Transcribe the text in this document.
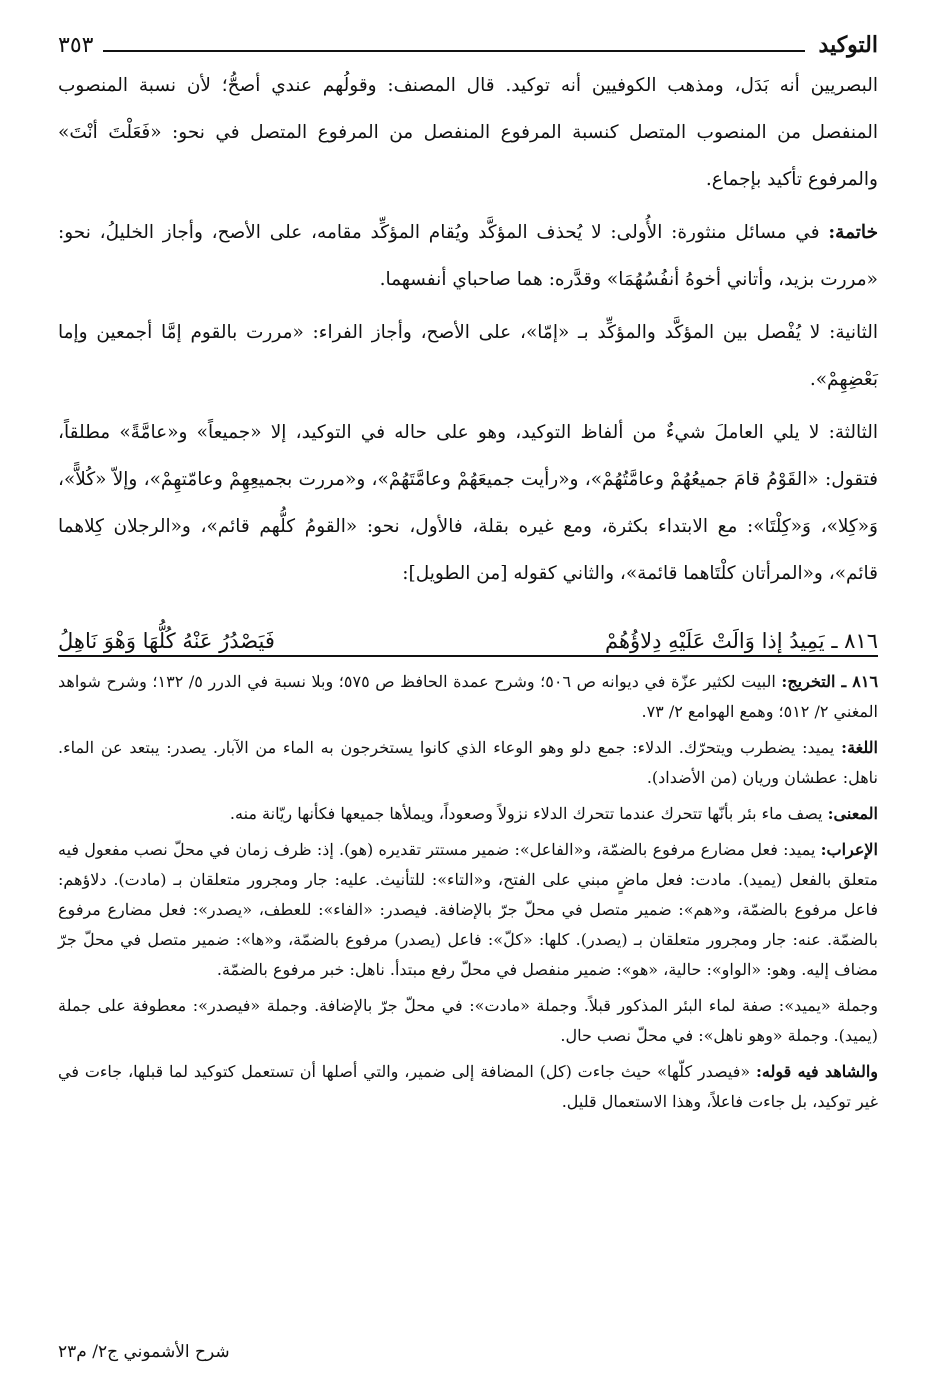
التوكيد
٣٥٣

البصريين أنه بَدَل، ومذهب الكوفيين أنه توكيد. قال المصنف: وقولُهم عندي أصحُّ؛ لأن نسبة المنصوب المنفصل من المنصوب المتصل كنسبة المرفوع المنفصل من المرفوع المتصل في نحو: «فَعَلْتَ أنْتَ» والمرفوع تأكيد بإجماع.

خاتمة: في مسائل منثورة: الأُولى: لا يُحذف المؤكَّد ويُقام المؤكِّد مقامه، على الأصح، وأجاز الخليلُ، نحو: «مررت بزيد، وأتاني أخوهُ أنفُسُهُمَا» وقدَّره: هما صاحباي أنفسهما.

الثانية: لا يُفْصل بين المؤكَّد والمؤكِّد بـ «إمّا»، على الأصح، وأجاز الفراء: «مررت بالقوم إمَّا أجمعين وإما بَعْضِهِمْ».

الثالثة: لا يلي العاملَ شيءٌ من ألفاظ التوكيد، وهو على حاله في التوكيد، إلا «جميعاً» و«عامَّةً» مطلقاً، فتقول: «القَوْمُ قامَ جميعُهُمْ وعامَّتُهُمْ»، و«رأيت جميعَهُمْ وعامَّتَهُمْ»، و«مررت بجميعِهِمْ وعامّتهِمْ»، وإلاّ «كُلاًّ»، وَ«كِلا»، وَ«كِلْتَا»: مع الابتداء بكثرة، ومع غيره بقلة، فالأول، نحو: «القومُ كلُّهم قائم»، و«الرجلان كِلاهما قائم»، و«المرأتان كلْتَاهما قائمة»، والثاني كقوله [من الطويل]:

٨١٦ ـ يَمِيدُ إذا وَالَتْ عَلَيْهِ دِلاؤُهُمْ
فَيَصْدُرُ عَنْهُ كُلُّهَا وَهْوَ نَاهِلُ

٨١٦ ـ التخريج: البيت لكثير عزّة في ديوانه ص ٥٠٦؛ وشرح عمدة الحافظ ص ٥٧٥؛ وبلا نسبة في الدرر ٥/ ١٣٢؛ وشرح شواهد المغني ٢/ ٥١٢؛ وهمع الهوامع ٢/ ٧٣.

اللغة: يميد: يضطرب ويتحرّك. الدلاء: جمع دلو وهو الوعاء الذي كانوا يستخرجون به الماء من الآبار. يصدر: يبتعد عن الماء. ناهل: عطشان وريان (من الأضداد).

المعنى: يصف ماء بئر بأنّها تتحرك عندما تتحرك الدلاء نزولاً وصعوداً، ويملأها جميعها فكأنها ريّانة منه.

الإعراب: يميد: فعل مضارع مرفوع بالضمّة، و«الفاعل»: ضمير مستتر تقديره (هو). إذ: ظرف زمان في محلّ نصب مفعول فيه متعلق بالفعل (يميد). مادت: فعل ماضٍ مبني على الفتح، و«التاء»: للتأنيث. عليه: جار ومجرور متعلقان بـ (مادت). دلاؤهم: فاعل مرفوع بالضمّة، و«هم»: ضمير متصل في محلّ جرّ بالإضافة. فيصدر: «الفاء»: للعطف، «يصدر»: فعل مضارع مرفوع بالضمّة. عنه: جار ومجرور متعلقان بـ (يصدر). كلها: «كلّ»: فاعل (يصدر) مرفوع بالضمّة، و«ها»: ضمير متصل في محلّ جرّ مضاف إليه. وهو: «الواو»: حالية، «هو»: ضمير منفصل في محلّ رفع مبتدأ. ناهل: خبر مرفوع بالضمّة.

وجملة «يميد»: صفة لماء البئر المذكور قبلاً. وجملة «مادت»: في محلّ جرّ بالإضافة. وجملة «فيصدر»: معطوفة على جملة (يميد). وجملة «وهو ناهل»: في محلّ نصب حال.

والشاهد فيه قوله: «فيصدر كلّها» حيث جاءت (كل) المضافة إلى ضمير، والتي أصلها أن تستعمل كتوكيد لما قبلها، جاءت في غير توكيد، بل جاءت فاعلاً، وهذا الاستعمال قليل.

شرح الأشموني ج٢/ م٢٣
